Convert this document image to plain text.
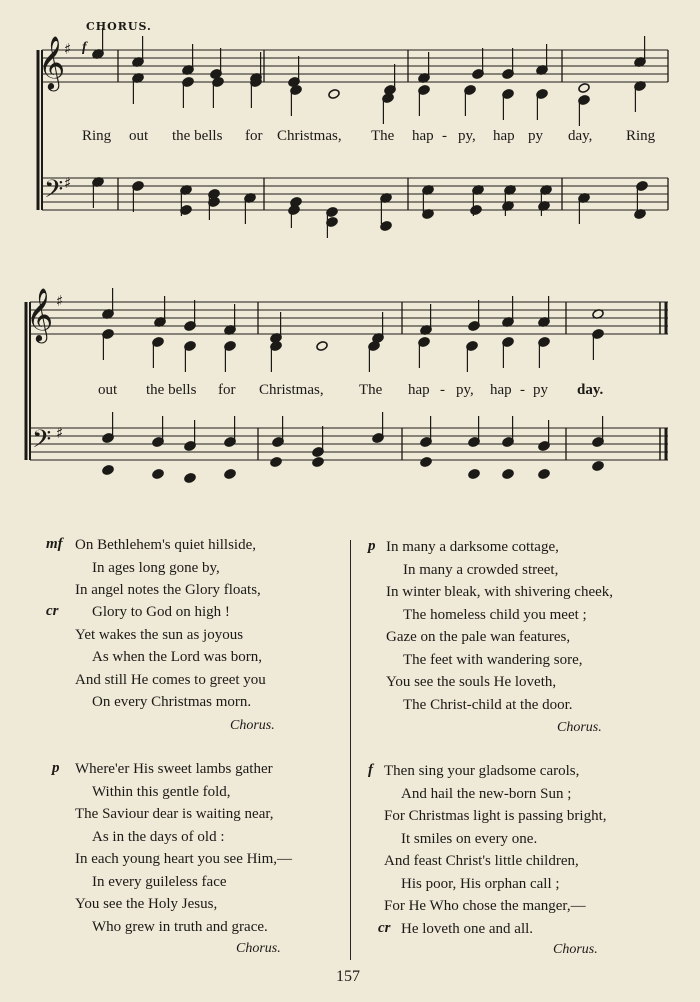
CHORUS.
𝄞
𝄢
♯
♯
𝄞
𝄢
♯
♯
Ring out the bells for Christmas, The hap - py, hap py day, Ring
out the bells for Christmas, The hap - py, hap - py day.
f
mf On Bethlehem's quiet hillside,
In ages long gone by,
In angel notes the Glory floats,
cr Glory to God on high !
Yet wakes the sun as joyous
As when the Lord was born,
And still He comes to greet you
On every Christmas morn.
Chorus.
p In many a darksome cottage,
In many a crowded street,
In winter bleak, with shivering cheek,
The homeless child you meet ;
Gaze on the pale wan features,
The feet with wandering sore,
You see the souls He loveth,
The Christ-child at the door.
Chorus.
p Where'er His sweet lambs gather
Within this gentle fold,
The Saviour dear is waiting near,
As in the days of old :
In each young heart you see Him,—
In every guileless face
You see the Holy Jesus,
Who grew in truth and grace.
Chorus.
f Then sing your gladsome carols,
And hail the new-born Sun ;
For Christmas light is passing bright,
It smiles on every one.
And feast Christ's little children,
His poor, His orphan call ;
For He Who chose the manger,—
cr He loveth one and all.
Chorus.
157
